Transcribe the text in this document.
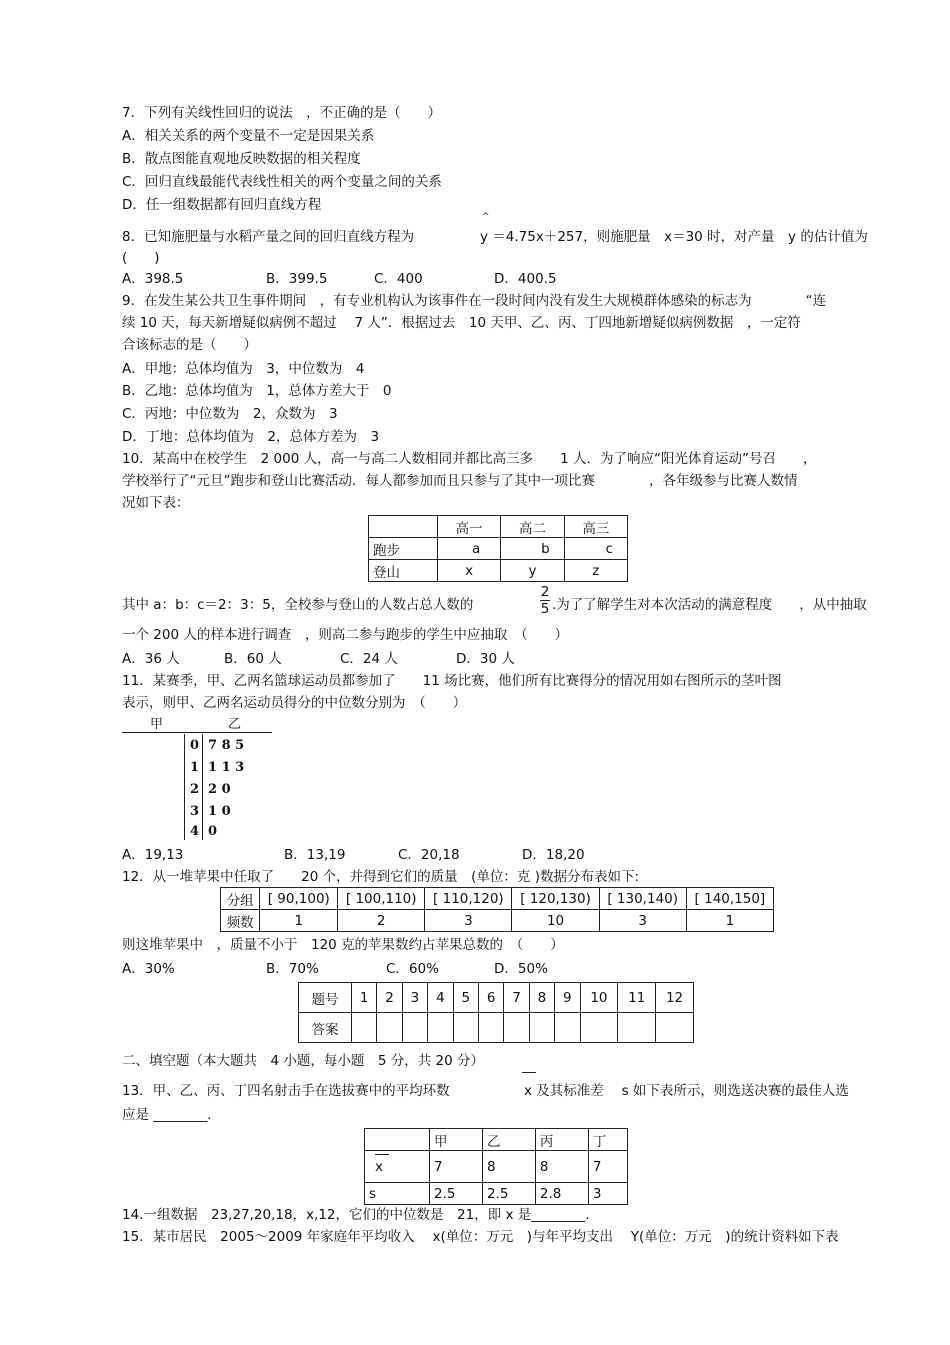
7．下列有关线性回归的说法　，不正确的是（　　）
A．相关关系的两个变量不一定是因果关系
B．散点图能直观地反映数据的相关程度
C．回归直线最能代表线性相关的两个变量之间的关系
D．任一组数据都有回归直线方程
8．已知施肥量与水稻产量之间的回归直线方程为
^
y ＝4.75x＋257，则施肥量　x＝30 时，对产量　y 的估计值为
(　　)
A．398.5	B．399.5	C．400	D．400.5
9．在发生某公共卫生事件期间　，有专业机构认为该事件在一段时间内没有发生大规模群体感染的标志为　　　　“连
续 10 天，每天新增疑似病例不超过　 7 人”．根据过去　10 天甲、乙、丙、丁四地新增疑似病例数据　，一定符
合该标志的是（　　）
A．甲地：总体均值为　3，中位数为　4
B．乙地：总体均值为　1，总体方差大于　0
C．丙地：中位数为　2，众数为　3
D．丁地：总体均值为　2，总体方差为　3
10．某高中在校学生　2 000 人，高一与高二人数相同并都比高三多　　1 人．为了响应“阳光体育运动”号召　　，
学校举行了“元旦”跑步和登山比赛活动．每人都参加而且只参与了其中一项比赛　　　　，各年级参与比赛人数情
况如下表：
	高一	高二	高三
跑步	a	b	c
登山	x	y	z
其中 a：b：c＝2：3：5，全校参与登山的人数占总人数的
2
5 .为了了解学生对本次活动的满意程度　　，从中抽取
一个 200 人的样本进行调查　，则高二参与跑步的学生中应抽取　（　　）
A．36 人	B．60 人	C．24 人	D．30 人
11．某赛季，甲、乙两名篮球运动员都参加了　　11 场比赛，他们所有比赛得分的情况用如右图所示的茎叶图
表示，则甲、乙两名运动员得分的中位数分别为　（　　）
甲	乙
0 7 8 5
1 1 1 3
2 2 0
3 1 0
4 0
A．19,13	B．13,19	C．20,18	D．18,20
12．从一堆苹果中任取了　　20 个，并得到它们的质量　(单位：克 )数据分布表如下:
分组	[ 90,100)	[ 100,110)	[ 110,120)	[ 120,130)	[ 130,140)	[ 140,150]
频数	1	2	3	10	3	1
则这堆苹果中　，质量不小于　120 克的苹果数约占苹果总数的　（　　）
A．30%	B．70%	C．60%	D．50%
题号	1	2	3	4	5	6	7	8	9	10	11	12
答案												
二、填空题（本大题共　4 小题，每小题　5 分，共 20 分）
13．甲、乙、丙、丁四名射击手在选拔赛中的平均环数	x 及其标准差　 s 如下表所示，则选送决赛的最佳人选
应是 ________．
	甲	乙	丙	丁

x	7	8	8	7
s	2.5	2.5	2.8	3
14.一组数据　23,27,20,18，x,12，它们的中位数是　21，即 x 是________.
15．某市居民　2005～2009 年家庭年平均收入　 x(单位：万元　)与年平均支出　 Y(单位：万元　)的统计资料如下表
